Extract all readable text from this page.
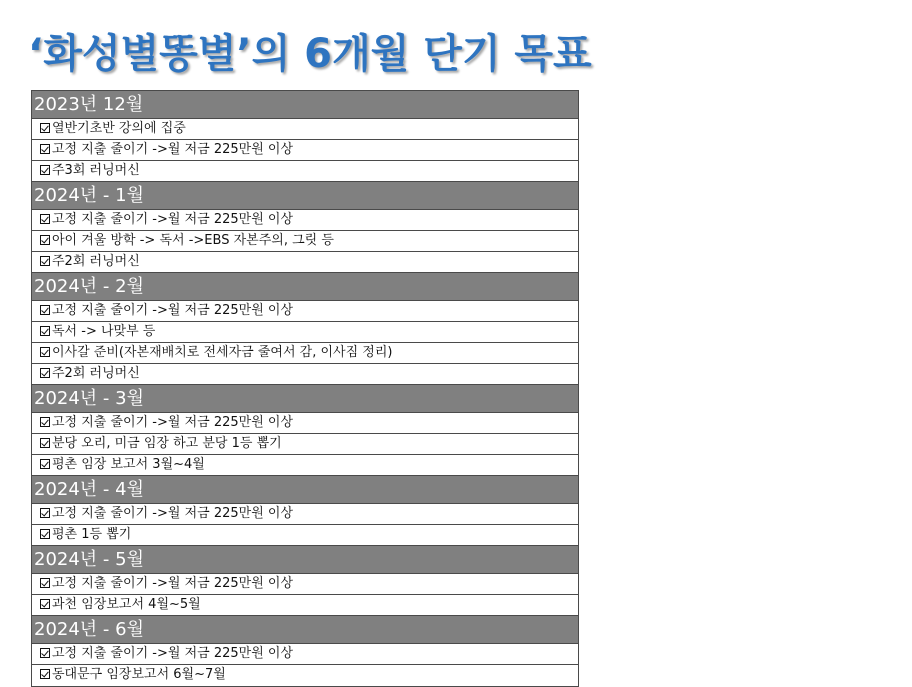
‘화성별똥별’의 6개월 단기 목표
2023년 12월
열반기초반 강의에 집중
고정 지출 줄이기 ->월 저금 225만원 이상
주3회 러닝머신
2024년 - 1월
고정 지출 줄이기 ->월 저금 225만원 이상
아이 겨울 방학 -> 독서 ->EBS 자본주의, 그릿 등
주2회 러닝머신
2024년 - 2월
고정 지출 줄이기 ->월 저금 225만원 이상
독서 -> 나맞부 등
이사갈 준비(자본재배치로 전세자금 줄여서 감, 이사짐 정리)
주2회 러닝머신
2024년 - 3월
고정 지출 줄이기 ->월 저금 225만원 이상
분당 오리, 미금 임장 하고 분당 1등 뽑기
평촌 임장 보고서 3월~4월
2024년 - 4월
고정 지출 줄이기 ->월 저금 225만원 이상
평촌 1등 뽑기
2024년 - 5월
고정 지출 줄이기 ->월 저금 225만원 이상
과천 임장보고서 4월~5월
2024년 - 6월
고정 지출 줄이기 ->월 저금 225만원 이상
동대문구 임장보고서 6월~7월
